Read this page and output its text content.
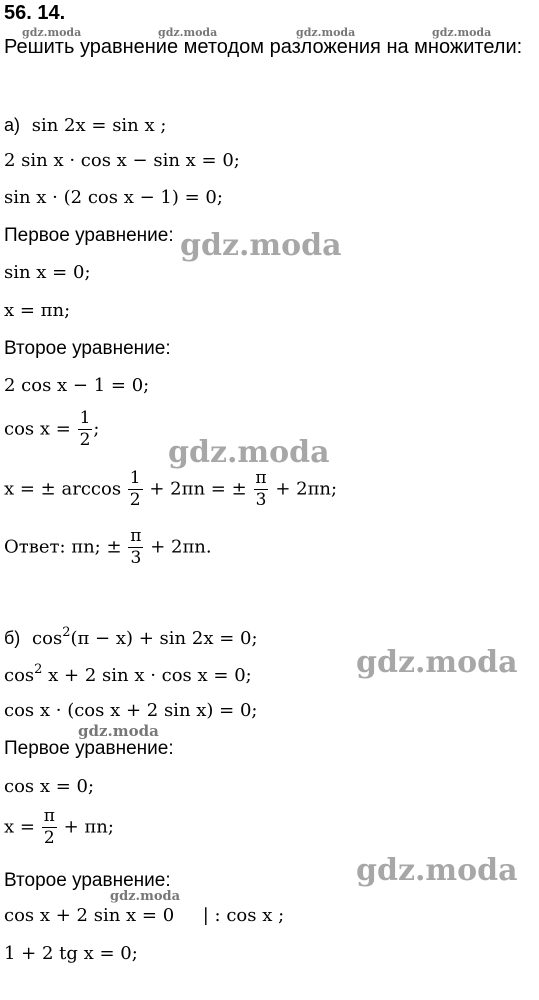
gdz.moda	gdz.moda	gdz.moda	gdz.moda
56. 14.
Решить уравнение методом разложения на множители:
а) sin 2x = sin x ;
2 sin x · cos x − sin x = 0;
sin x · (2 cos x − 1) = 0;
Первое уравнение:
sin x = 0;
x = πn;
Второе уравнение:
2 cos x − 1 = 0;
$\cos x = \frac{1}{2}$ ;
x = ± $\arccos \frac{1}{2} + 2\pi n$ = ± $\frac{\pi}{3} + 2\pi n$;
Ответ: πn; ± $\frac{\pi}{3} + 2\pi n$.
б) $\cos^2(\pi - x) + \sin 2x = 0$;
$\cos^2 x + 2$ sin x · cos x = 0;
cos x · (cos x + 2 sin x) = 0;
Первое уравнение:
cos x = 0;
$x = \frac{\pi}{2} + \pi n$;
Второе уравнение:
cos x + 2 sin x = 0     | : cos x ;
1 + 2 tg x = 0;
gdz.moda
gdz.moda
gdz.moda
gdz.moda
gdz.moda
gdz.moda
